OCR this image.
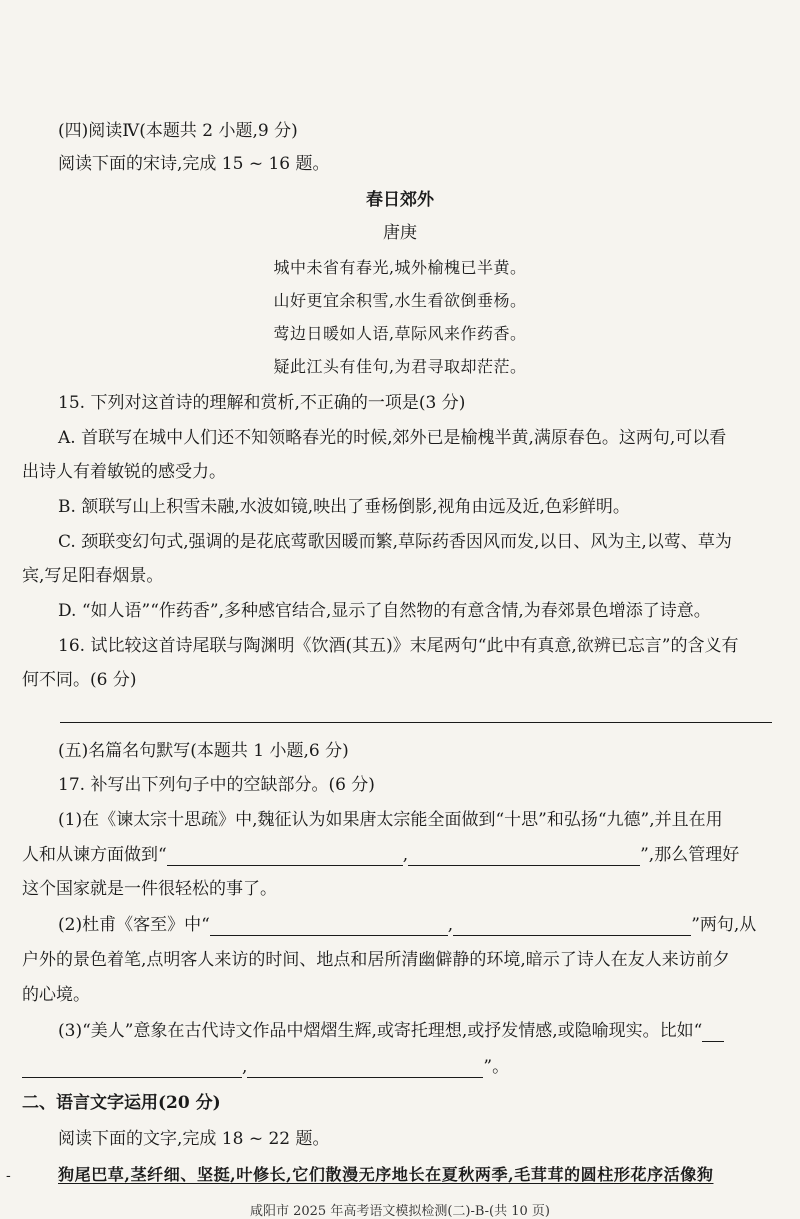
(四)阅读Ⅳ(本题共 2 小题,9 分)
阅读下面的宋诗,完成 15 ~ 16 题。
春日郊外
唐庚
城中未省有春光,城外榆槐已半黄。
山好更宜余积雪,水生看欲倒垂杨。
莺边日暖如人语,草际风来作药香。
疑此江头有佳句,为君寻取却茫茫。
15. 下列对这首诗的理解和赏析,不正确的一项是(3 分)
A. 首联写在城中人们还不知领略春光的时候,郊外已是榆槐半黄,满原春色。这两句,可以看
出诗人有着敏锐的感受力。
B. 颔联写山上积雪未融,水波如镜,映出了垂杨倒影,视角由远及近,色彩鲜明。
C. 颈联变幻句式,强调的是花底莺歌因暖而繁,草际药香因风而发,以日、风为主,以莺、草为
宾,写足阳春烟景。
D. “如人语”“作药香”,多种感官结合,显示了自然物的有意含情,为春郊景色增添了诗意。
16. 试比较这首诗尾联与陶渊明《饮酒(其五)》末尾两句“此中有真意,欲辨已忘言”的含义有
何不同。(6 分)
(五)名篇名句默写(本题共 1 小题,6 分)
17. 补写出下列句子中的空缺部分。(6 分)
(1)在《谏太宗十思疏》中,魏征认为如果唐太宗能全面做到“十思”和弘扬“九德”,并且在用
人和从谏方面做到“	,	”,那么管理好
这个国家就是一件很轻松的事了。
(2)杜甫《客至》中“	,	”两句,从
户外的景色着笔,点明客人来访的时间、地点和居所清幽僻静的环境,暗示了诗人在友人来访前夕
的心境。
(3)“美人”意象在古代诗文作品中熠熠生辉,或寄托理想,或抒发情感,或隐喻现实。比如“
,	”。
二、语言文字运用(20 分)
阅读下面的文字,完成 18 ~ 22 题。
狗尾巴草,茎纤细、坚挺,叶修长,它们散漫无序地长在夏秋两季,毛茸茸的圆柱形花序活像狗
-
咸阳市 2025 年高考语文模拟检测(二)-B-(共 10 页)
